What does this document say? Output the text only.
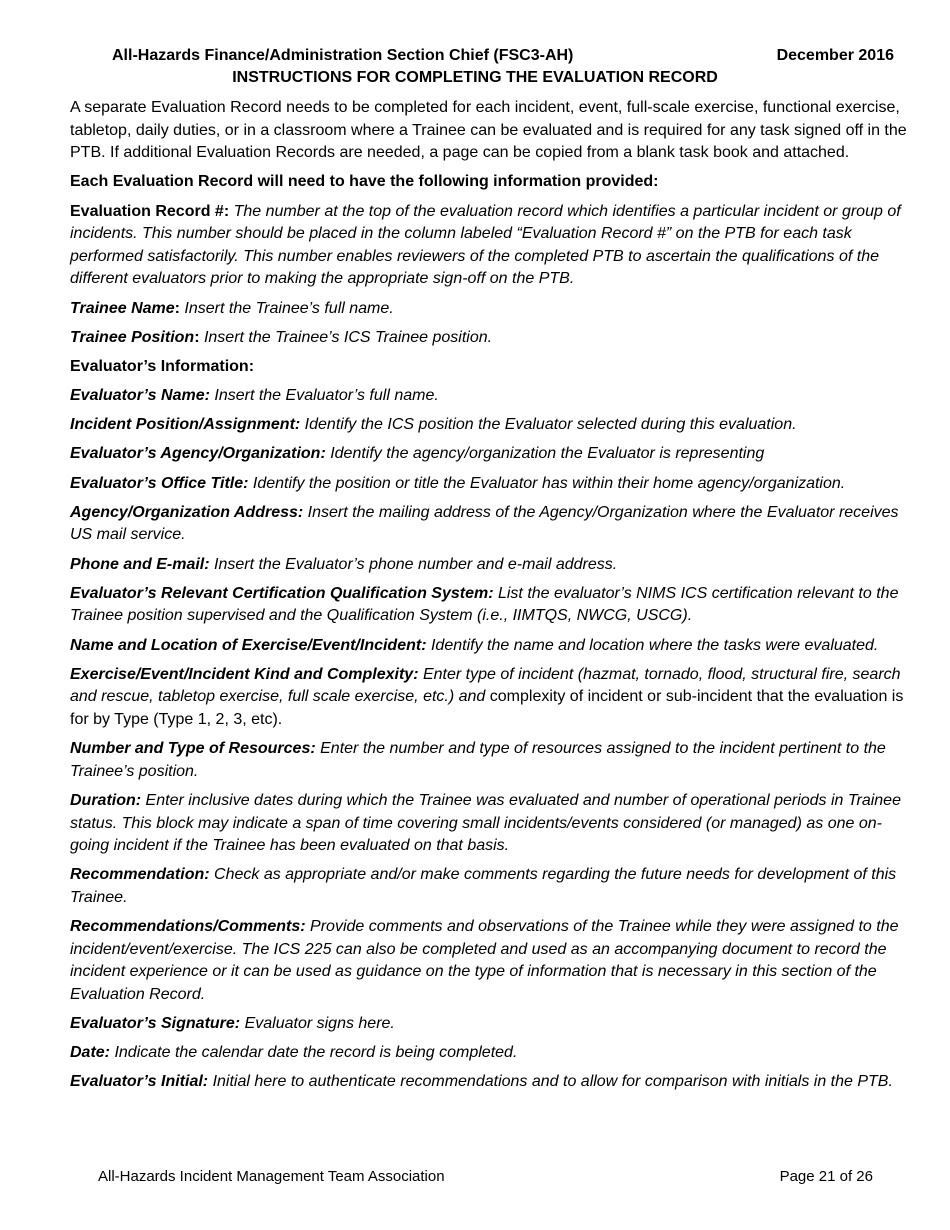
All-Hazards Finance/Administration Section Chief (FSC3-AH)	December 2016
INSTRUCTIONS FOR COMPLETING THE EVALUATION RECORD

A separate Evaluation Record needs to be completed for each incident, event, full-scale exercise, functional exercise, tabletop, daily duties, or in a classroom where a Trainee can be evaluated and is required for any task signed off in the PTB. If additional Evaluation Records are needed, a page can be copied from a blank task book and attached.

Each Evaluation Record will need to have the following information provided:

Evaluation Record #: The number at the top of the evaluation record which identifies a particular incident or group of incidents. This number should be placed in the column labeled “Evaluation Record #” on the PTB for each task performed satisfactorily. This number enables reviewers of the completed PTB to ascertain the qualifications of the different evaluators prior to making the appropriate sign-off on the PTB.

Trainee Name: Insert the Trainee’s full name.

Trainee Position: Insert the Trainee’s ICS Trainee position.

Evaluator’s Information:

Evaluator’s Name: Insert the Evaluator’s full name.

Incident Position/Assignment: Identify the ICS position the Evaluator selected during this evaluation.

Evaluator’s Agency/Organization: Identify the agency/organization the Evaluator is representing

Evaluator’s Office Title: Identify the position or title the Evaluator has within their home agency/organization.

Agency/Organization Address: Insert the mailing address of the Agency/Organization where the Evaluator receives US mail service.

Phone and E-mail: Insert the Evaluator’s phone number and e-mail address.

Evaluator’s Relevant Certification Qualification System: List the evaluator’s NIMS ICS certification relevant to the Trainee position supervised and the Qualification System (i.e., IIMTQS, NWCG, USCG).

Name and Location of Exercise/Event/Incident: Identify the name and location where the tasks were evaluated.

Exercise/Event/Incident Kind and Complexity: Enter type of incident (hazmat, tornado, flood, structural fire, search and rescue, tabletop exercise, full scale exercise, etc.) and complexity of incident or sub-incident that the evaluation is for by Type (Type 1, 2, 3, etc).

Number and Type of Resources: Enter the number and type of resources assigned to the incident pertinent to the Trainee’s position.

Duration: Enter inclusive dates during which the Trainee was evaluated and number of operational periods in Trainee status. This block may indicate a span of time covering small incidents/events considered (or managed) as one on-going incident if the Trainee has been evaluated on that basis.

Recommendation: Check as appropriate and/or make comments regarding the future needs for development of this Trainee.

Recommendations/Comments: Provide comments and observations of the Trainee while they were assigned to the incident/event/exercise. The ICS 225 can also be completed and used as an accompanying document to record the incident experience or it can be used as guidance on the type of information that is necessary in this section of the Evaluation Record.

Evaluator’s Signature: Evaluator signs here.

Date: Indicate the calendar date the record is being completed.

Evaluator’s Initial: Initial here to authenticate recommendations and to allow for comparison with initials in the PTB.

All-Hazards Incident Management Team Association	Page 21 of 26
